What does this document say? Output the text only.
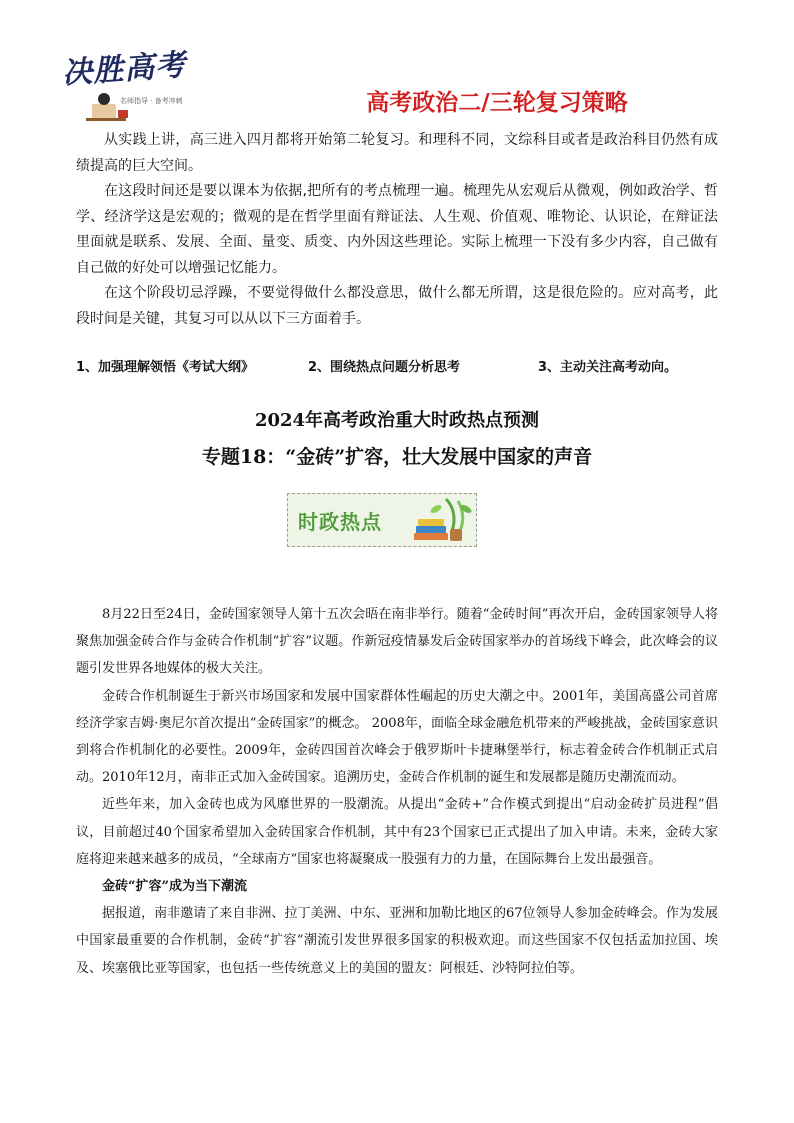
决胜高考
名师指导 · 备考冲刺	高考政治二/三轮复习策略

从实践上讲，高三进入四月都将开始第二轮复习。和理科不同，文综科目或者是政治科目仍然有成绩提高的巨大空间。

在这段时间还是要以课本为依据,把所有的考点梳理一遍。梳理先从宏观后从微观，例如政治学、哲学、经济学这是宏观的；微观的是在哲学里面有辩证法、人生观、价值观、唯物论、认识论，在辩证法里面就是联系、发展、全面、量变、质变、内外因这些理论。实际上梳理一下没有多少内容，自己做有自己做的好处可以增强记忆能力。

在这个阶段切忌浮躁，不要觉得做什么都没意思，做什么都无所谓，这是很危险的。应对高考，此段时间是关键，其复习可以从以下三方面着手。

1、加强理解领悟《考试大纲》	2、围绕热点问题分析思考	3、主动关注高考动向。
2024年高考政治重大时政热点预测
专题18：“金砖”扩容，壮大发展中国家的声音
时政热点

8月22日至24日，金砖国家领导人第十五次会晤在南非举行。随着“金砖时间”再次开启，金砖国家领导人将聚焦加强金砖合作与金砖合作机制“扩容”议题。作新冠疫情暴发后金砖国家举办的首场线下峰会，此次峰会的议题引发世界各地媒体的极大关注。

金砖合作机制诞生于新兴市场国家和发展中国家群体性崛起的历史大潮之中。2001年，美国高盛公司首席经济学家吉姆·奥尼尔首次提出“金砖国家”的概念。 2008年，面临全球金融危机带来的严峻挑战，金砖国家意识到将合作机制化的必要性。2009年，金砖四国首次峰会于俄罗斯叶卡捷琳堡举行，标志着金砖合作机制正式启动。2010年12月，南非正式加入金砖国家。追溯历史，金砖合作机制的诞生和发展都是随历史潮流而动。

近些年来，加入金砖也成为风靡世界的一股潮流。从提出“金砖+”合作模式到提出“启动金砖扩员进程”倡议，目前超过40个国家希望加入金砖国家合作机制，其中有23个国家已正式提出了加入申请。未来，金砖大家庭将迎来越来越多的成员，“全球南方”国家也将凝聚成一股强有力的力量，在国际舞台上发出最强音。

金砖“扩容”成为当下潮流

据报道，南非邀请了来自非洲、拉丁美洲、中东、亚洲和加勒比地区的67位领导人参加金砖峰会。作为发展中国家最重要的合作机制，金砖“扩容”潮流引发世界很多国家的积极欢迎。而这些国家不仅包括孟加拉国、埃及、埃塞俄比亚等国家，也包括一些传统意义上的美国的盟友：阿根廷、沙特阿拉伯等。
